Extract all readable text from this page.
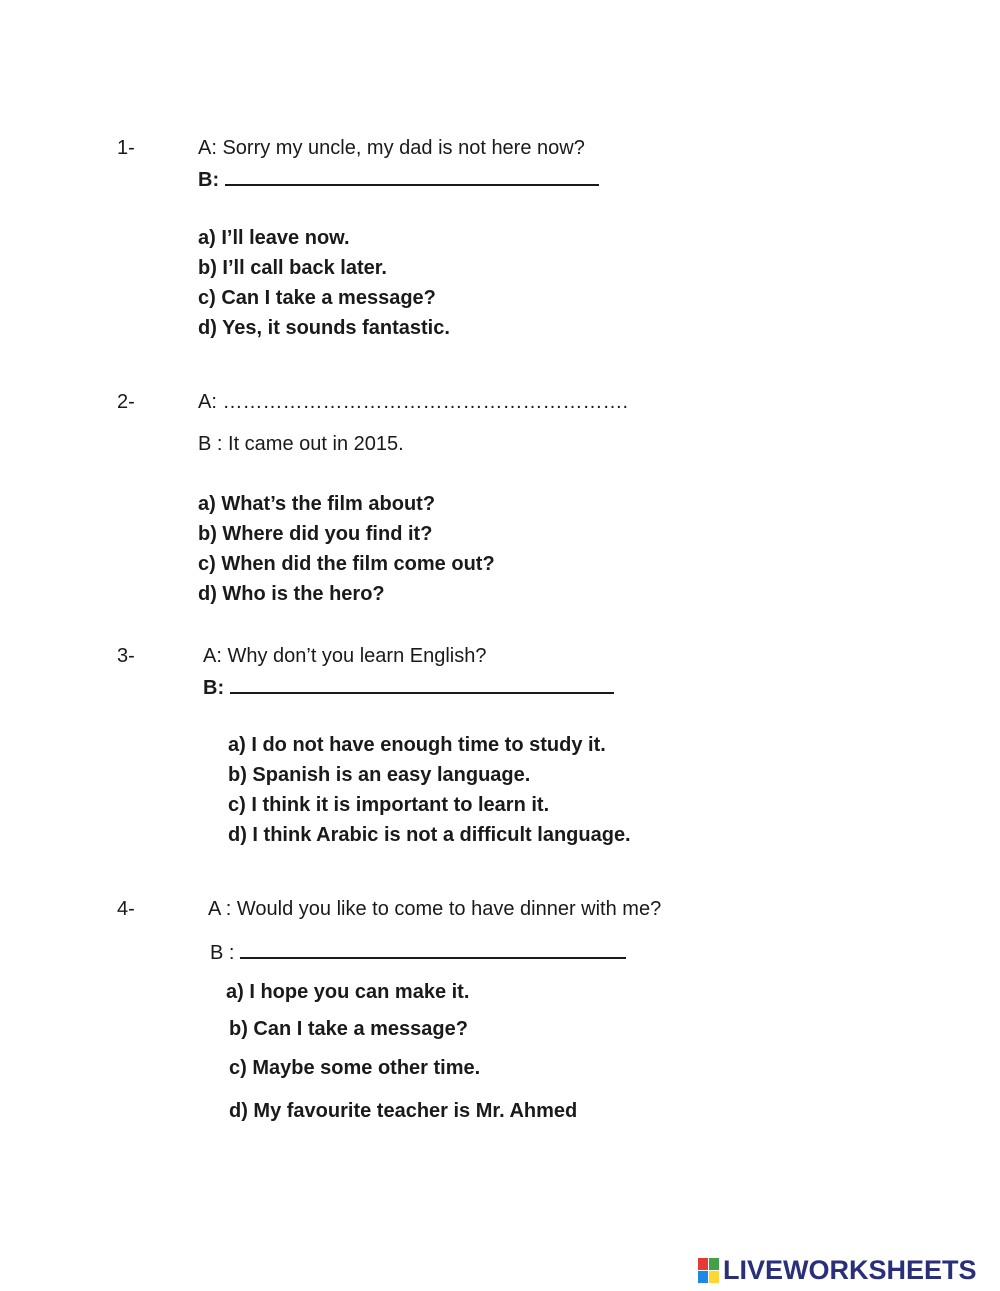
1-	A: Sorry my uncle, my dad is not here now?
B:
a) I’ll leave now.
b) I’ll call back later.
c) Can I take a message?
d) Yes, it sounds fantastic.
2-	A: …………………………………………………….
B : It came out in 2015.
a) What’s the film about?
b) Where did you find it?
c) When did the film come out?
d) Who is the hero?
3-	A: Why don’t you learn English?
B:
a) I do not have enough time to study it.
b) Spanish is an easy language.
c) I think it is important to learn it.
d) I think Arabic is not a difficult language.
4-	A : Would you like to come to have dinner with me?
B :
a) I hope you can make it.
b) Can I take a message?
c) Maybe some other time.
d) My favourite teacher is Mr. Ahmed
LIVEWORKSHEETS
